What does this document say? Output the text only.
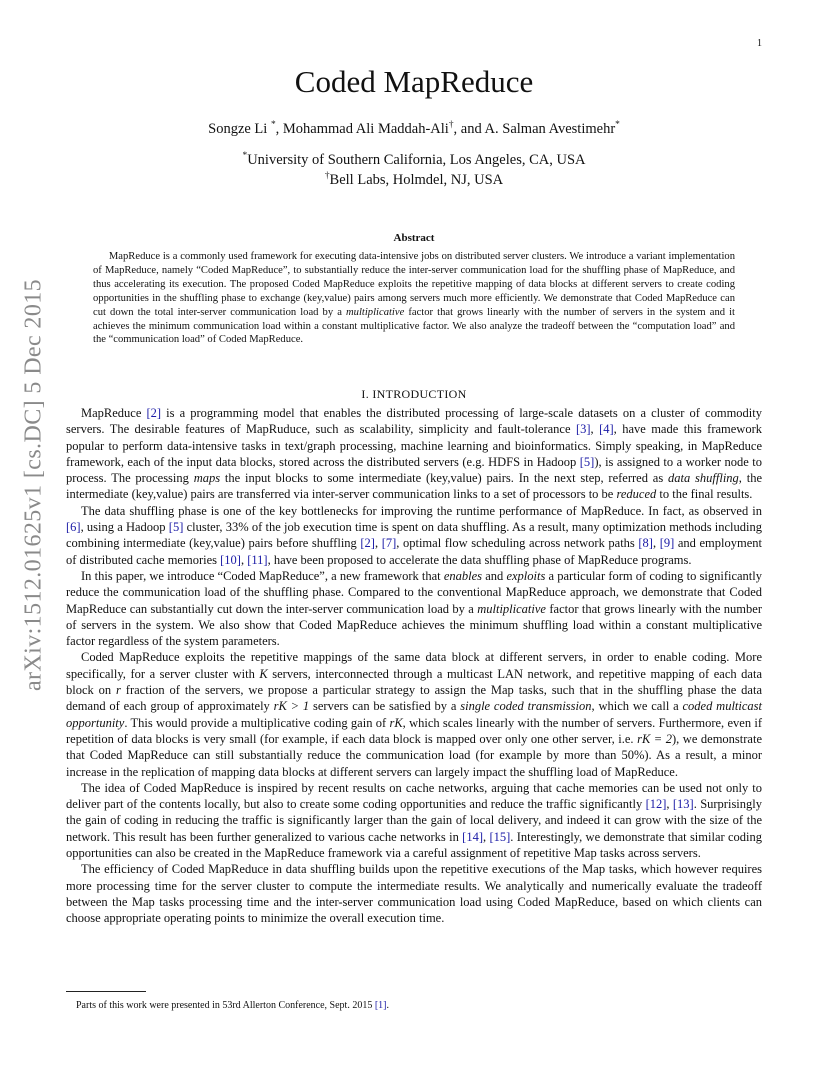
1
arXiv:1512.01625v1 [cs.DC] 5 Dec 2015
Coded MapReduce
Songze Li *, Mohammad Ali Maddah-Ali†, and A. Salman Avestimehr*
*University of Southern California, Los Angeles, CA, USA
†Bell Labs, Holmdel, NJ, USA
Abstract

MapReduce is a commonly used framework for executing data-intensive jobs on distributed server clusters. We introduce a variant implementation of MapReduce, namely “Coded MapReduce”, to substantially reduce the inter-server communication load for the shuffling phase of MapReduce, and thus accelerating its execution. The proposed Coded MapReduce exploits the repetitive mapping of data blocks at different servers to create coding opportunities in the shuffling phase to exchange (key,value) pairs among servers much more efficiently. We demonstrate that Coded MapReduce can cut down the total inter-server communication load by a multiplicative factor that grows linearly with the number of servers in the system and it achieves the minimum communication load within a constant multiplicative factor. We also analyze the tradeoff between the “computation load” and the “communication load” of Coded MapReduce.

I. INTRODUCTION

MapReduce [2] is a programming model that enables the distributed processing of large-scale datasets on a cluster of commodity servers. The desirable features of MapRuduce, such as scalability, simplicity and fault-tolerance [3], [4], have made this framework popular to perform data-intensive tasks in text/graph processing, machine learning and bioinformatics. Simply speaking, in MapReduce framework, each of the input data blocks, stored across the distributed servers (e.g. HDFS in Hadoop [5]), is assigned to a worker node to process. The processing maps the input blocks to some intermediate (key,value) pairs. In the next step, referred as data shuffling, the intermediate (key,value) pairs are transferred via inter-server communication links to a set of processors to be reduced to the final results.

The data shuffling phase is one of the key bottlenecks for improving the runtime performance of MapReduce. In fact, as observed in [6], using a Hadoop [5] cluster, 33% of the job execution time is spent on data shuffling. As a result, many optimization methods including combining intermediate (key,value) pairs before shuffling [2], [7], optimal flow scheduling across network paths [8], [9] and employment of distributed cache memories [10], [11], have been proposed to accelerate the data shuffling phase of MapReduce programs.

In this paper, we introduce “Coded MapReduce”, a new framework that enables and exploits a particular form of coding to significantly reduce the communication load of the shuffling phase. Compared to the conventional MapReduce approach, we demonstrate that Coded MapReduce can substantially cut down the inter-server communication load by a multiplicative factor that grows linearly with the number of servers in the system. We also show that Coded MapReduce achieves the minimum shuffling load within a constant multiplicative factor regardless of the system parameters.

Coded MapReduce exploits the repetitive mappings of the same data block at different servers, in order to enable coding. More specifically, for a server cluster with K servers, interconnected through a multicast LAN network, and repetitive mapping of each data block on r fraction of the servers, we propose a particular strategy to assign the Map tasks, such that in the shuffling phase the data demand of each group of approximately rK > 1 servers can be satisfied by a single coded transmission, which we call a coded multicast opportunity. This would provide a multiplicative coding gain of rK, which scales linearly with the number of servers. Furthermore, even if repetition of data blocks is very small (for example, if each data block is mapped over only one other server, i.e. rK = 2), we demonstrate that Coded MapReduce can still substantially reduce the communication load (for example by more than 50%). As a result, a minor increase in the replication of mapping data blocks at different servers can largely impact the shuffling load of MapReduce.

The idea of Coded MapReduce is inspired by recent results on cache networks, arguing that cache memories can be used not only to deliver part of the contents locally, but also to create some coding opportunities and reduce the traffic significantly [12], [13]. Surprisingly the gain of coding in reducing the traffic is significantly larger than the gain of local delivery, and indeed it can grow with the size of the network. This result has been further generalized to various cache networks in [14], [15]. Interestingly, we demonstrate that similar coding opportunities can also be created in the MapReduce framework via a careful assignment of repetitive Map tasks across servers.

The efficiency of Coded MapReduce in data shuffling builds upon the repetitive executions of the Map tasks, which however requires more processing time for the server cluster to compute the intermediate results. We analytically and numerically evaluate the tradeoff between the Map tasks processing time and the inter-server communication load using Coded MapReduce, based on which clients can choose appropriate operating points to minimize the overall execution time.

Parts of this work were presented in 53rd Allerton Conference, Sept. 2015 [1].
